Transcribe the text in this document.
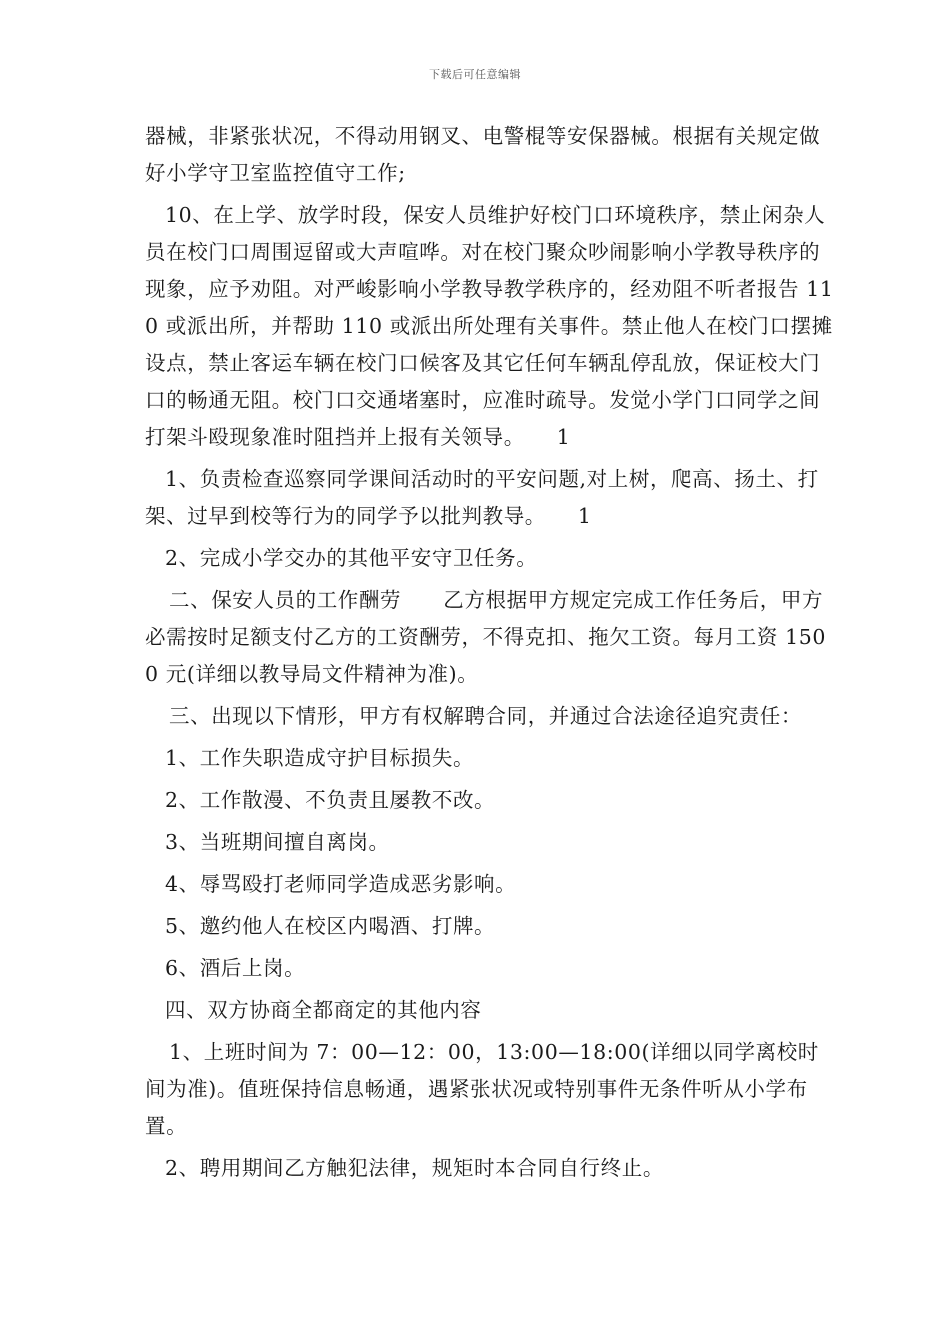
下载后可任意编辑

器械，非紧张状况，不得动用钢叉、电警棍等安保器械。根据有关规定做好小学守卫室监控值守工作;

10、在上学、放学时段，保安人员维护好校门口环境秩序，禁止闲杂人员在校门口周围逗留或大声喧哗。对在校门聚众吵闹影响小学教导秩序的现象，应予劝阻。对严峻影响小学教导教学秩序的，经劝阻不听者报告 110 或派出所，并帮助 110 或派出所处理有关事件。禁止他人在校门口摆摊设点，禁止客运车辆在校门口候客及其它任何车辆乱停乱放，保证校大门口的畅通无阻。校门口交通堵塞时，应准时疏导。发觉小学门口同学之间打架斗殴现象准时阻挡并上报有关领导。　　1

1、负责检查巡察同学课间活动时的平安问题,对上树，爬高、扬土、打架、过早到校等行为的同学予以批判教导。　　1

2、完成小学交办的其他平安守卫任务。

二、保安人员的工作酬劳　　乙方根据甲方规定完成工作任务后，甲方必需按时足额支付乙方的工资酬劳，不得克扣、拖欠工资。每月工资 1500 元(详细以教导局文件精神为准)。

三、出现以下情形，甲方有权解聘合同，并通过合法途径追究责任：

1、工作失职造成守护目标损失。

2、工作散漫、不负责且屡教不改。

3、当班期间擅自离岗。

4、辱骂殴打老师同学造成恶劣影响。

5、邀约他人在校区内喝酒、打牌。

6、酒后上岗。

四、双方协商全都商定的其他内容

1、上班时间为 7：00—12：00，13:00—18:00(详细以同学离校时间为准)。值班保持信息畅通，遇紧张状况或特别事件无条件听从小学布置。

2、聘用期间乙方触犯法律，规矩时本合同自行终止。
